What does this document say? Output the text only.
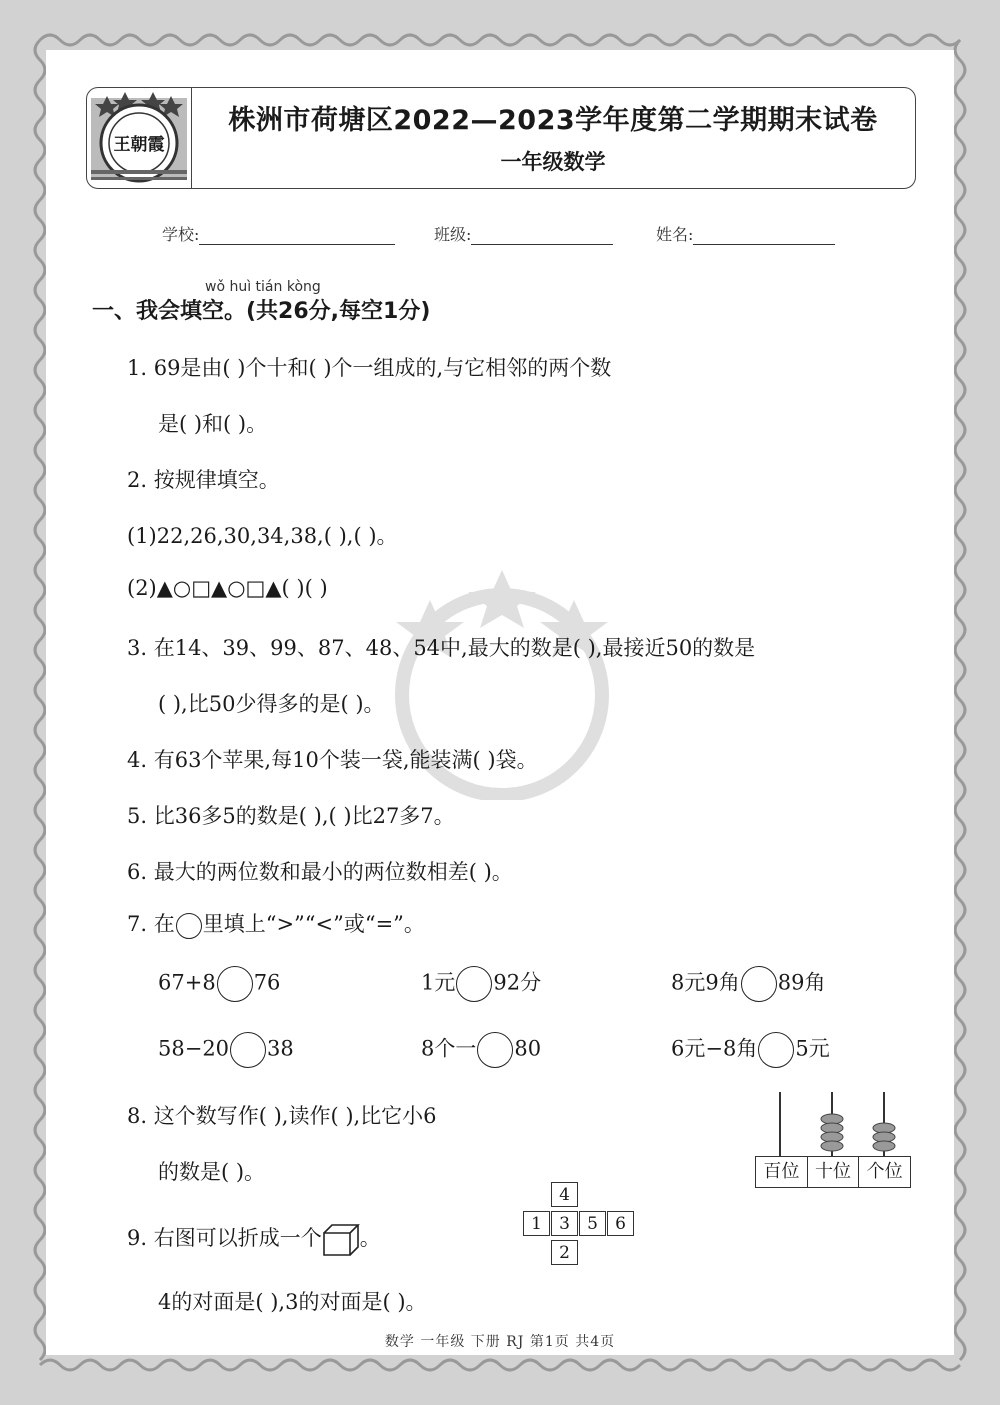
王朝霞
株洲市荷塘区2022—2023学年度第二学期期末试卷
一年级数学
学校:	班级:	姓名:
wǒ huì tián kòng
一、我会填空。(共26分,每空1分)
1. 69是由( )个十和( )个一组成的,与它相邻的两个数
是( )和( )。
2. 按规律填空。
(1)22,26,30,34,38,( ),( )。
(2)▲○□▲○□▲( )( )
3. 在14、39、99、87、48、54中,最大的数是( ),最接近50的数是
( ),比50少得多的是( )。
4. 有63个苹果,每10个装一袋,能装满( )袋。
5. 比36多5的数是( ),( )比27多7。
6. 最大的两位数和最小的两位数相差( )。
7. 在 里填上“>”“<”或“=”。
67+8 76	1元 92分	8元9角 89角
58−20 38	8个一 80	6元−8角 5元
8. 这个数写作( ),读作( ),比它小6
的数是( )。	百位 十位 个位
9. 右图可以折成一个 。
4
1	3	5	6
2
4的对面是( ),3的对面是( )。
数学 一年级 下册 RJ 第1页 共4页
